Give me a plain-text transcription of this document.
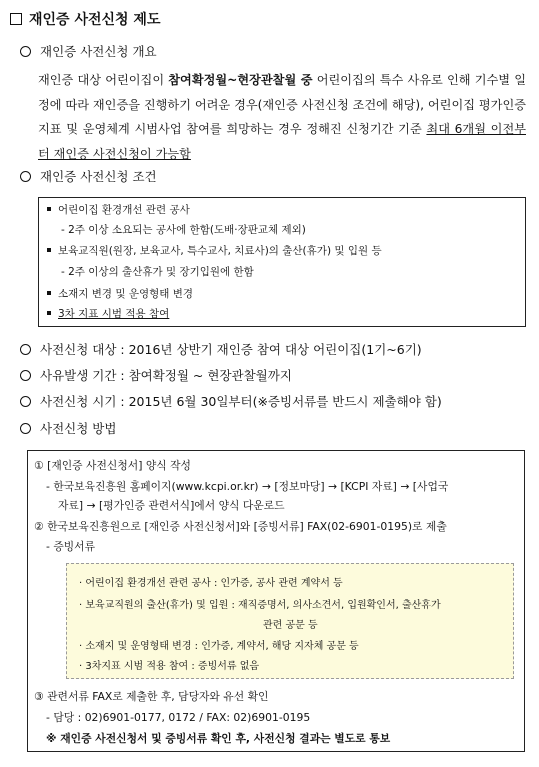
재인증 사전신청 제도
재인증 사전신청 개요
재인증 대상 어린이집이 참여확정월~현장관찰월 중 어린이집의 특수 사유로 인해 기수별 일정에 따라 재인증을 진행하기 어려운 경우(재인증 사전신청 조건에 해당), 어린이집 평가인증 지표 및 운영체계 시범사업 참여를 희망하는 경우 정해진 신청기간 기준 최대 6개월 이전부터 재인증 사전신청이 가능함
재인증 사전신청 조건
어린이집 환경개선 관련 공사
- 2주 이상 소요되는 공사에 한함(도배·장판교체 제외)
보육교직원(원장, 보육교사, 특수교사, 치료사)의 출산(휴가) 및 입원 등
- 2주 이상의 출산휴가 및 장기입원에 한함
소재지 변경 및 운영형태 변경
3차 지표 시범 적용 참여
사전신청 대상 : 2016년 상반기 재인증 참여 대상 어린이집(1기~6기)
사유발생 기간 : 참여확정월 ~ 현장관찰월까지
사전신청 시기 : 2015년 6월 30일부터(※증빙서류를 반드시 제출해야 함)
사전신청 방법
① [재인증 사전신청서] 양식 작성
- 한국보육진흥원 홈페이지(www.kcpi.or.kr) → [정보마당] → [KCPI 자료] → [사업국
자료] → [평가인증 관련서식]에서 양식 다운로드
② 한국보육진흥원으로 [재인증 사전신청서]와 [증빙서류] FAX(02-6901-0195)로 제출
- 증빙서류
· 어린이집 환경개선 관련 공사 : 인가증, 공사 관련 계약서 등
· 보육교직원의 출산(휴가) 및 입원 : 재직증명서, 의사소견서, 입원확인서, 출산휴가
관련 공문 등
· 소재지 및 운영형태 변경 : 인가증, 계약서, 해당 지자체 공문 등
· 3차지표 시범 적용 참여 : 증빙서류 없음
③ 관련서류 FAX로 제출한 후, 담당자와 유선 확인
- 담당 : 02)6901-0177, 0172 / FAX: 02)6901-0195
※ 재인증 사전신청서 및 증빙서류 확인 후, 사전신청 결과는 별도로 통보
